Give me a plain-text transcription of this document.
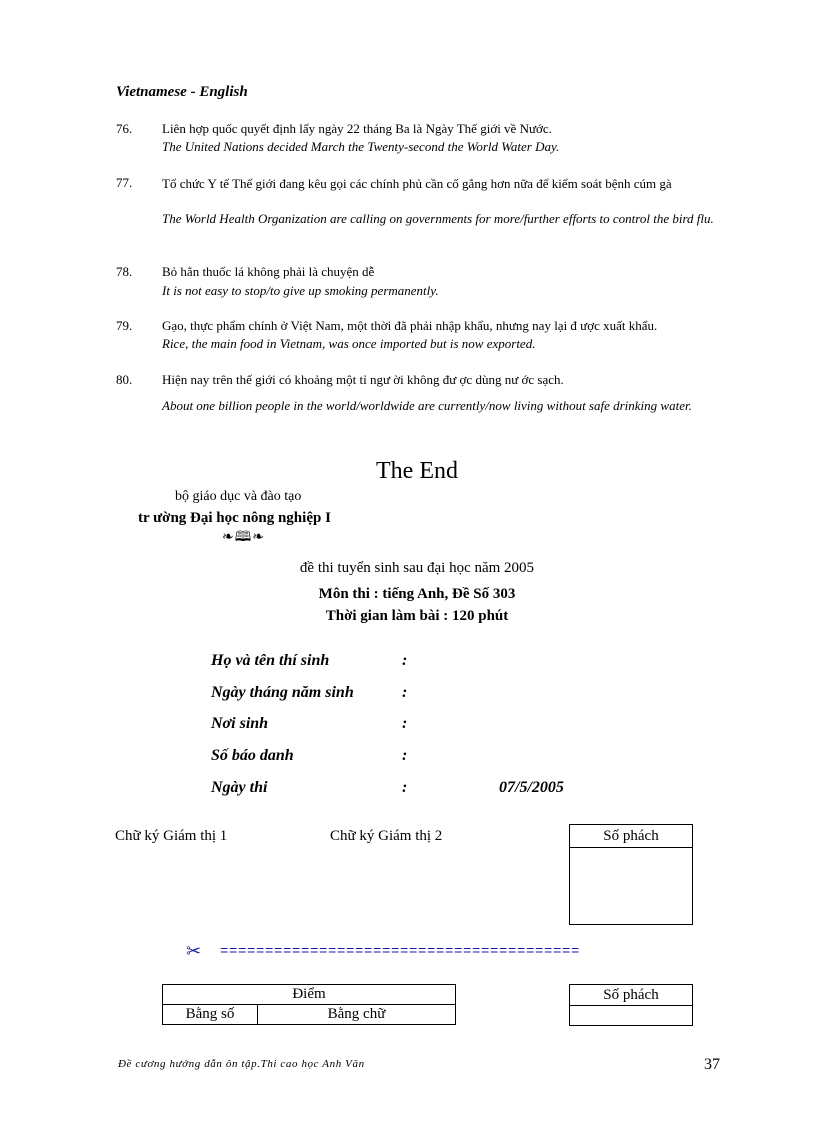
Vietnamese - English
76. Liên hợp quốc quyết định lấy ngày 22 tháng Ba là Ngày Thế giới về Nước.
The United Nations decided March the Twenty-second the World Water Day.
77. Tổ chức Y tế Thế giới đang kêu gọi các chính phủ cần cố gắng hơn nữa để kiểm soát bệnh cúm gà
The World Health Organization are calling on governments for more/further efforts to control the bird flu.
78. Bỏ hẳn thuốc lá không phải là chuyện dễ
It is not easy to stop/to give up smoking permanently.
79. Gạo, thực phẩm chính ở Việt Nam, một thời đã phải nhập khẩu, nhưng nay lại đ ược xuất khẩu.
Rice, the main food in Vietnam, was once imported but is now exported.
80. Hiện nay trên thế giới có khoảng một tỉ ngư ời không đư ợc dùng nư ớc sạch.
About one billion people in the world/worldwide are currently/now living without safe drinking water.
The End
bộ giáo dục và đào tạo
tr ường Đại học nông nghiệp I
❧🕮❧
đề thi tuyển sinh sau đại học năm 2005
Môn thi : tiếng Anh, Đề Số 303
Thời gian làm bài : 120 phút
Họ và tên thí sinh	:
Ngày tháng năm sinh	:
Nơi sinh	:
Số báo danh	:
Ngày thi	:	07/5/2005
Chữ ký Giám thị 1	Chữ ký Giám thị 2	Số phách
✂ ========================================
Điểm
Bằng số	Bằng chữ
Số phách
Đề cương hướng dẫn ôn tập.Thi cao học Anh Văn	37
